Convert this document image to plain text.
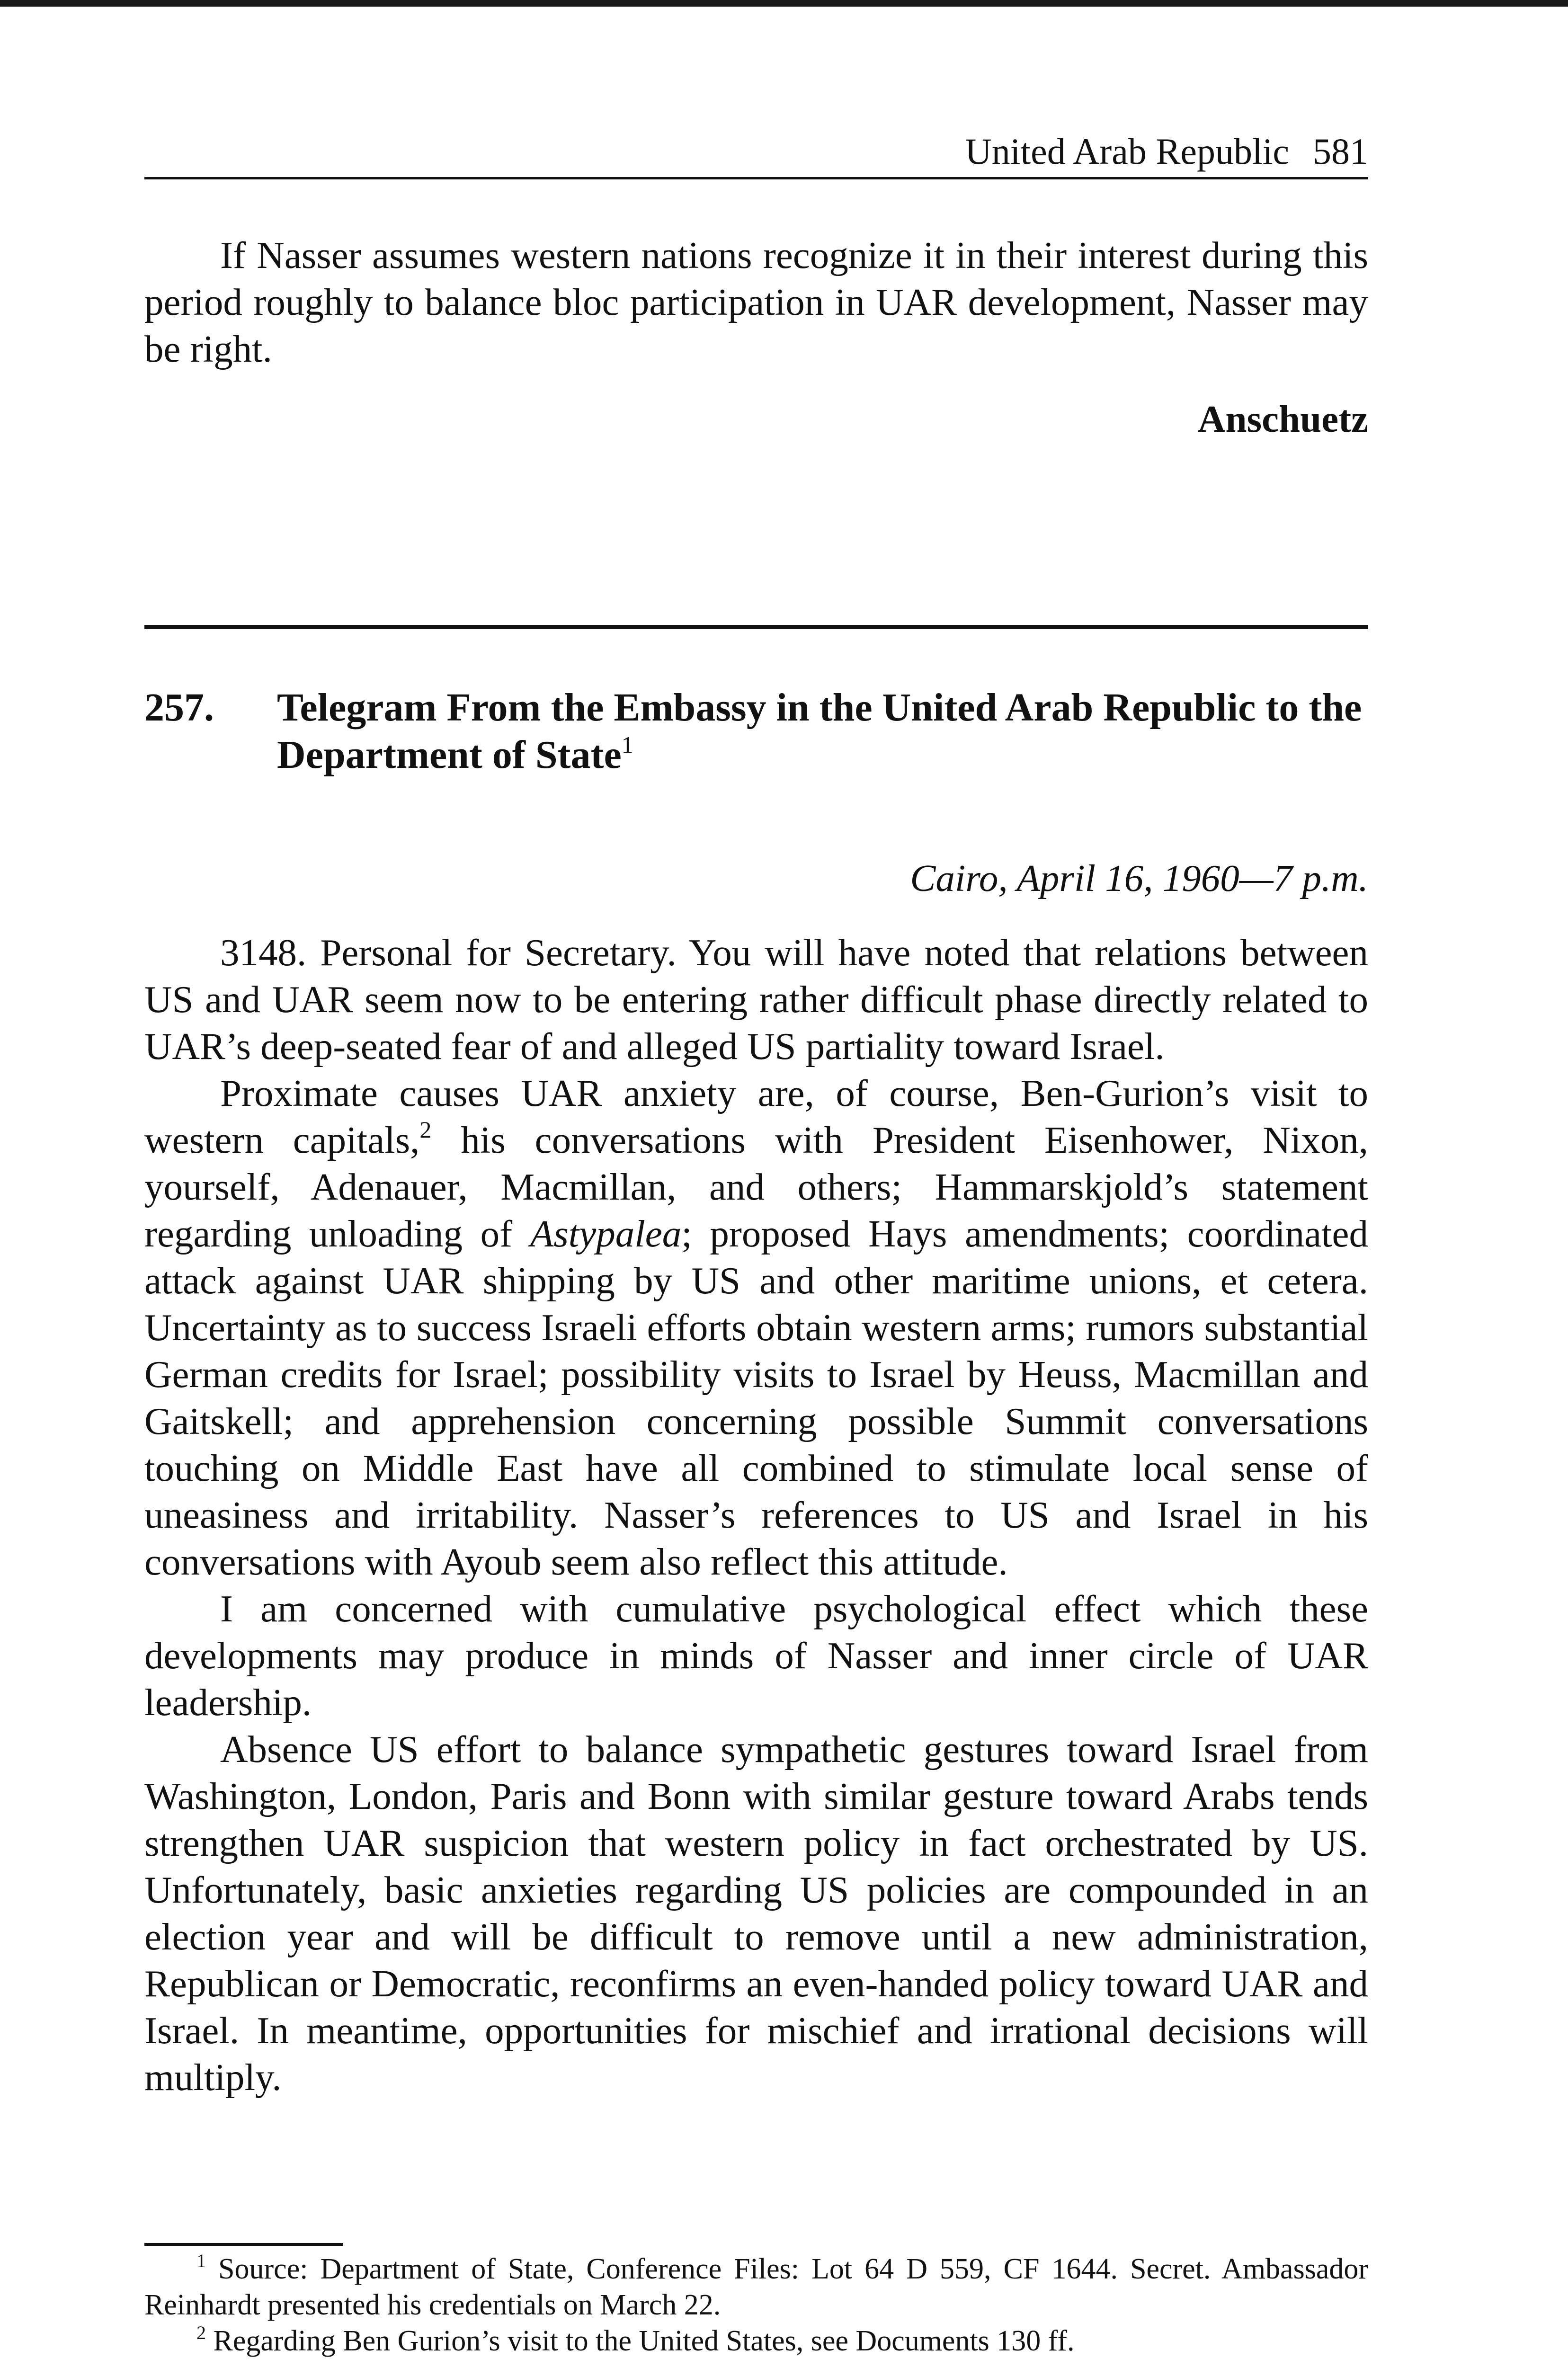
United Arab Republic 581

If Nasser assumes western nations recognize it in their interest during this period roughly to balance bloc participation in UAR development, Nasser may be right.

Anschuetz
257. Telegram From the Embassy in the United Arab Republic to the Department of State$^1$
Cairo, April 16, 1960—7 p.m.

3148. Personal for Secretary. You will have noted that relations between US and UAR seem now to be entering rather difficult phase directly related to UAR’s deep-seated fear of and alleged US partiality toward Israel.

Proximate causes UAR anxiety are, of course, Ben-Gurion’s visit to western capitals,$^2$ his conversations with President Eisenhower, Nixon, yourself, Adenauer, Macmillan, and others; Hammarskjold’s statement regarding unloading of Astypalea; proposed Hays amendments; coordinated attack against UAR shipping by US and other maritime unions, et cetera. Uncertainty as to success Israeli efforts obtain western arms; rumors substantial German credits for Israel; possibility visits to Israel by Heuss, Macmillan and Gaitskell; and apprehension concerning possible Summit conversations touching on Middle East have all combined to stimulate local sense of uneasiness and irritability. Nasser’s references to US and Israel in his conversations with Ayoub seem also reflect this attitude.

I am concerned with cumulative psychological effect which these developments may produce in minds of Nasser and inner circle of UAR leadership.

Absence US effort to balance sympathetic gestures toward Israel from Washington, London, Paris and Bonn with similar gesture toward Arabs tends strengthen UAR suspicion that western policy in fact orchestrated by US. Unfortunately, basic anxieties regarding US policies are compounded in an election year and will be difficult to remove until a new administration, Republican or Democratic, reconfirms an even-handed policy toward UAR and Israel. In meantime, opportunities for mischief and irrational decisions will multiply.

$^1$ Source: Department of State, Conference Files: Lot 64 D 559, CF 1644. Secret. Ambassador Reinhardt presented his credentials on March 22.

$^2$ Regarding Ben Gurion’s visit to the United States, see Documents 130 ff.
